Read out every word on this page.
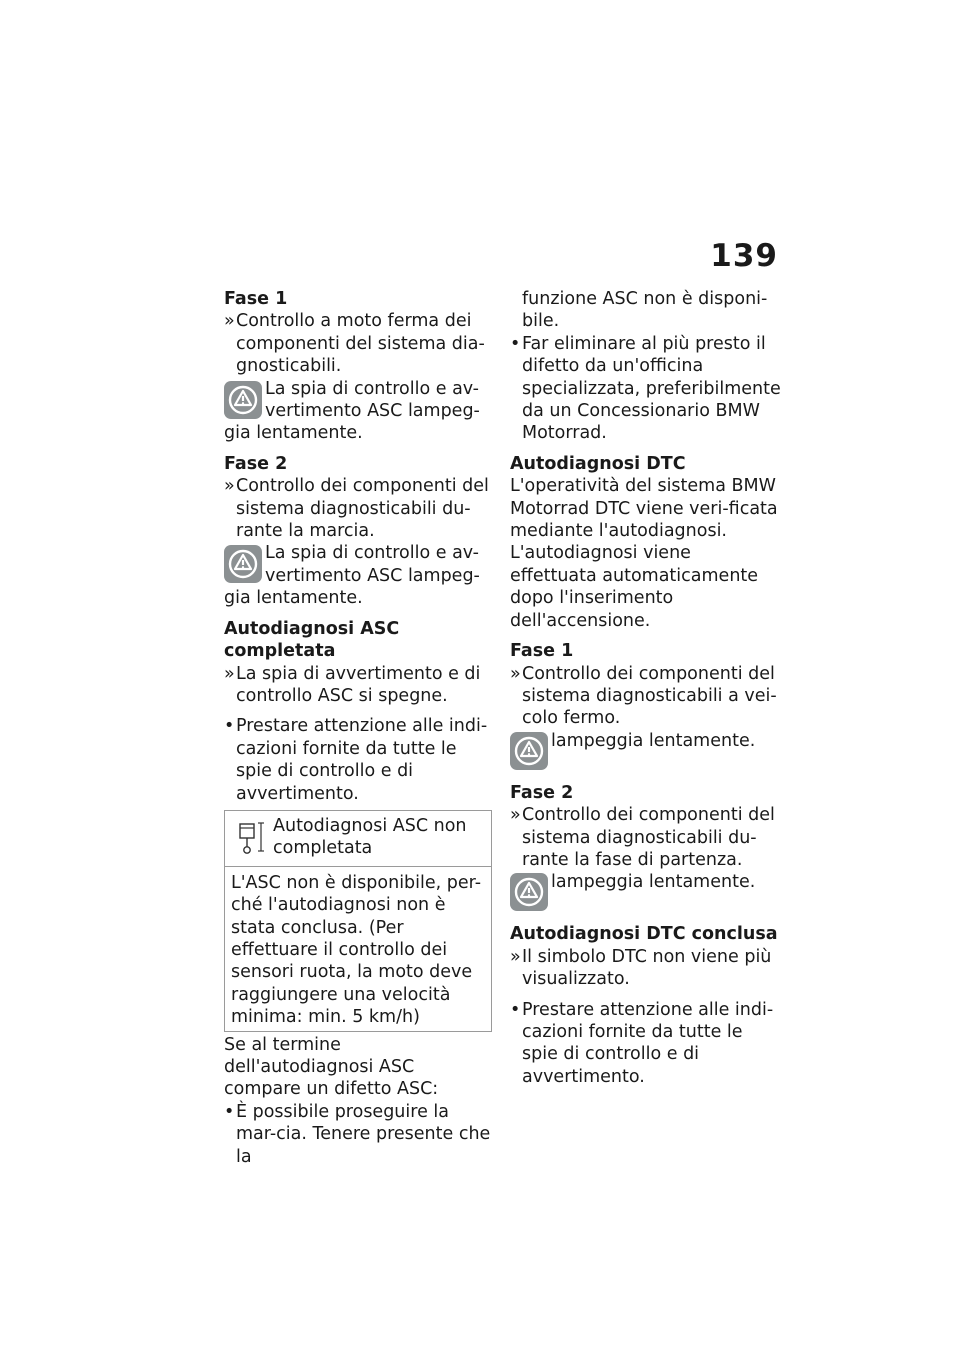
139
Fase 1
»Controllo a moto ferma dei componenti del sistema dia-gnosticabili.
La spia di controllo e av-
vertimento ASC lampeg-
gia lentamente.
Fase 2
»Controllo dei componenti del sistema diagnosticabili du-rante la marcia.
La spia di controllo e av-
vertimento ASC lampeg-
gia lentamente.
Autodiagnosi ASC completata
»La spia di avvertimento e di controllo ASC si spegne.
•Prestare attenzione alle indi-cazioni fornite da tutte le spie di controllo e di avvertimento.
Autodiagnosi ASC non completata
L'ASC non è disponibile, per-ché l'autodiagnosi non è stata conclusa. (Per effettuare il controllo dei sensori ruota, la moto deve raggiungere una velocità minima: min. 5 km/h)
Se al termine dell'autodiagnosi ASC compare un difetto ASC:
•È possibile proseguire la mar-cia. Tenere presente che la
funzione ASC non è disponi-bile.
•Far eliminare al più presto il difetto da un'officina specializzata, preferibilmente da un Concessionario BMW Motorrad.
Autodiagnosi DTC
L'operatività del sistema BMW Motorrad DTC viene veri-ficata mediante l'autodiagnosi. L'autodiagnosi viene effettuata automaticamente dopo l'inserimento dell'accensione.
Fase 1
»Controllo dei componenti del sistema diagnosticabili a vei-colo fermo.
lampeggia lentamente.
Fase 2
»Controllo dei componenti del sistema diagnosticabili du-rante la fase di partenza.
lampeggia lentamente.
Autodiagnosi DTC conclusa
»Il simbolo DTC non viene più visualizzato.
•Prestare attenzione alle indi-cazioni fornite da tutte le spie di controllo e di avvertimento.
